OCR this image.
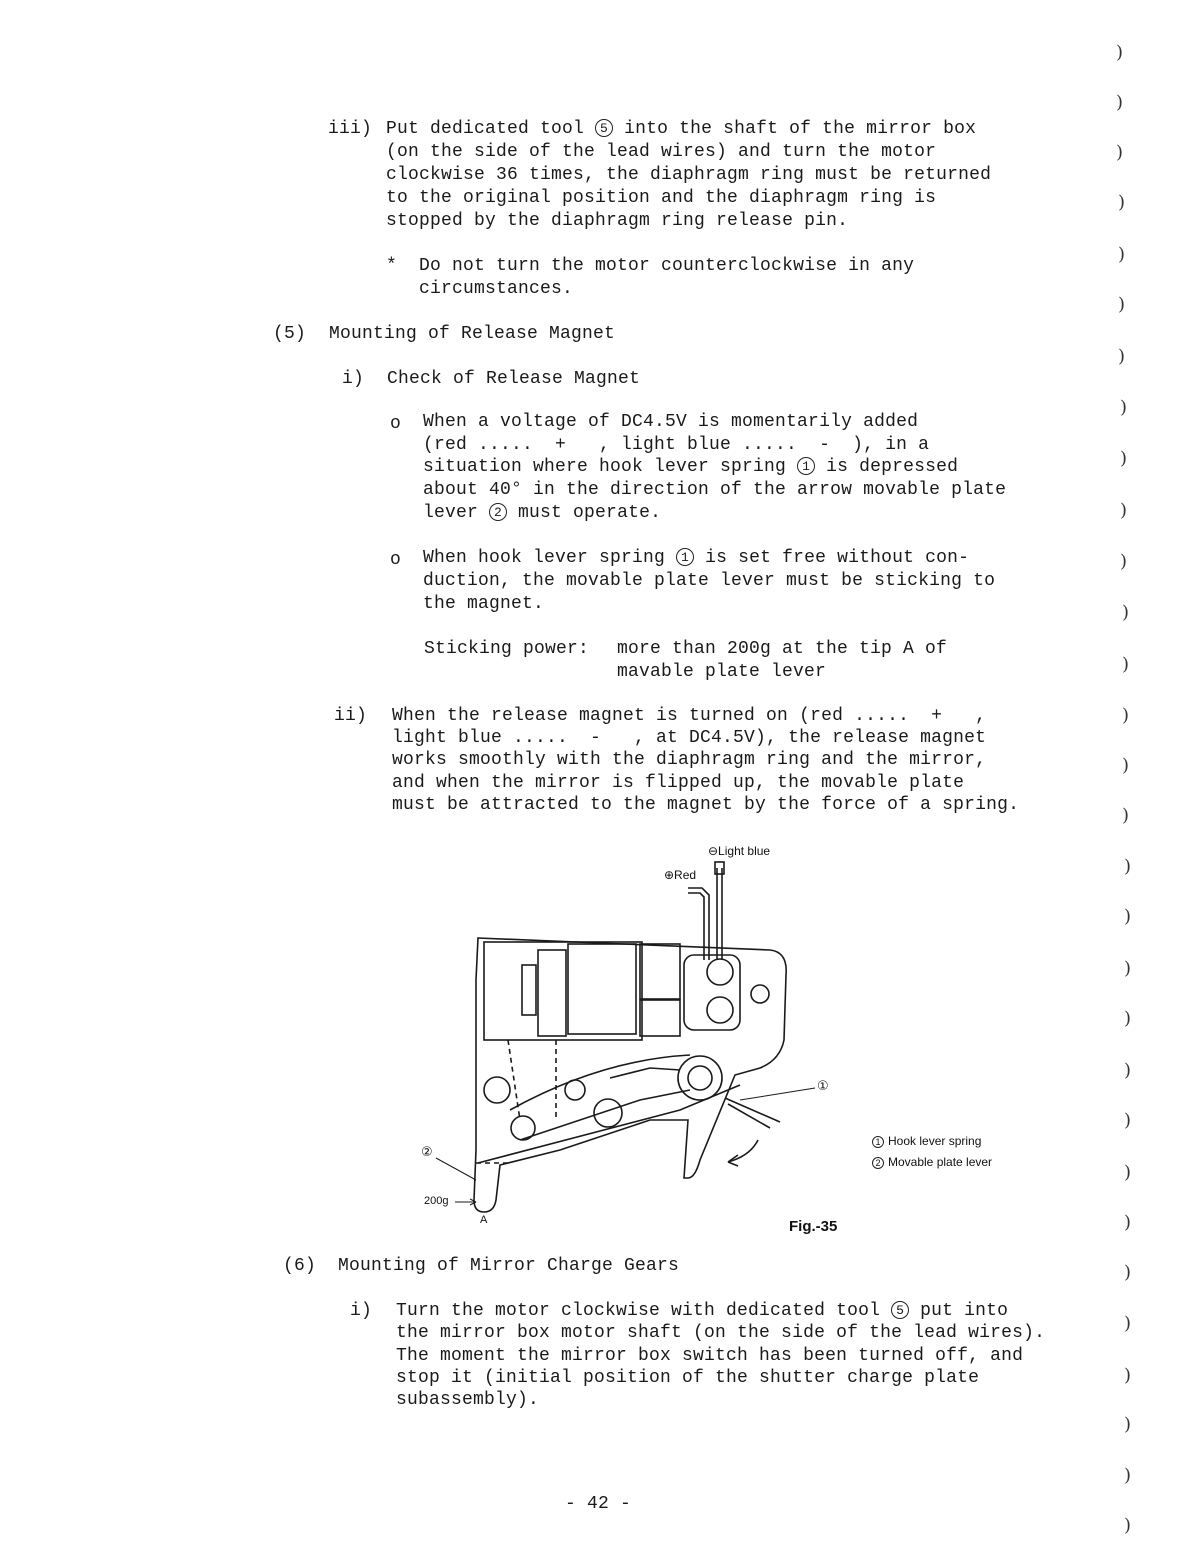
iii) Put dedicated tool 5 into the shaft of the mirror box
(on the side of the lead wires) and turn the motor
clockwise 36 times, the diaphragm ring must be returned
to the original position and the diaphragm ring is
stopped by the diaphragm ring release pin.
*  Do not turn the motor counterclockwise in any
circumstances.
(5) Mounting of Release Magnet
i) Check of Release Magnet
o When a voltage of DC4.5V is momentarily added
(red .....  +   , light blue .....  -  ), in a
situation where hook lever spring 1 is depressed
about 40° in the direction of the arrow movable plate
lever 2 must operate.
o When hook lever spring 1 is set free without con-
duction, the movable plate lever must be sticking to
the magnet.
Sticking power: more than 200g at the tip A of
mavable plate lever
ii) When the release magnet is turned on (red .....  +   ,
light blue .....  -   , at DC4.5V), the release magnet
works smoothly with the diaphragm ring and the mirror,
and when the mirror is flipped up, the movable plate
must be attracted to the magnet by the force of a spring.
⊖Light blue
⊕Red
①
②
200g
A
1 Hook lever spring
2 Movable plate lever
Fig.-35
(6) Mounting of Mirror Charge Gears
i) Turn the motor clockwise with dedicated tool 5 put into
the mirror box motor shaft (on the side of the lead wires).
The moment the mirror box switch has been turned off, and
stop it (initial position of the shutter charge plate
subassembly).
- 42 -
)
)
)
)
)
)
)
)
)
)
)
)
)
)
)
)
)
)
)
)
)
)
)
)
)
)
)
)
)
)
